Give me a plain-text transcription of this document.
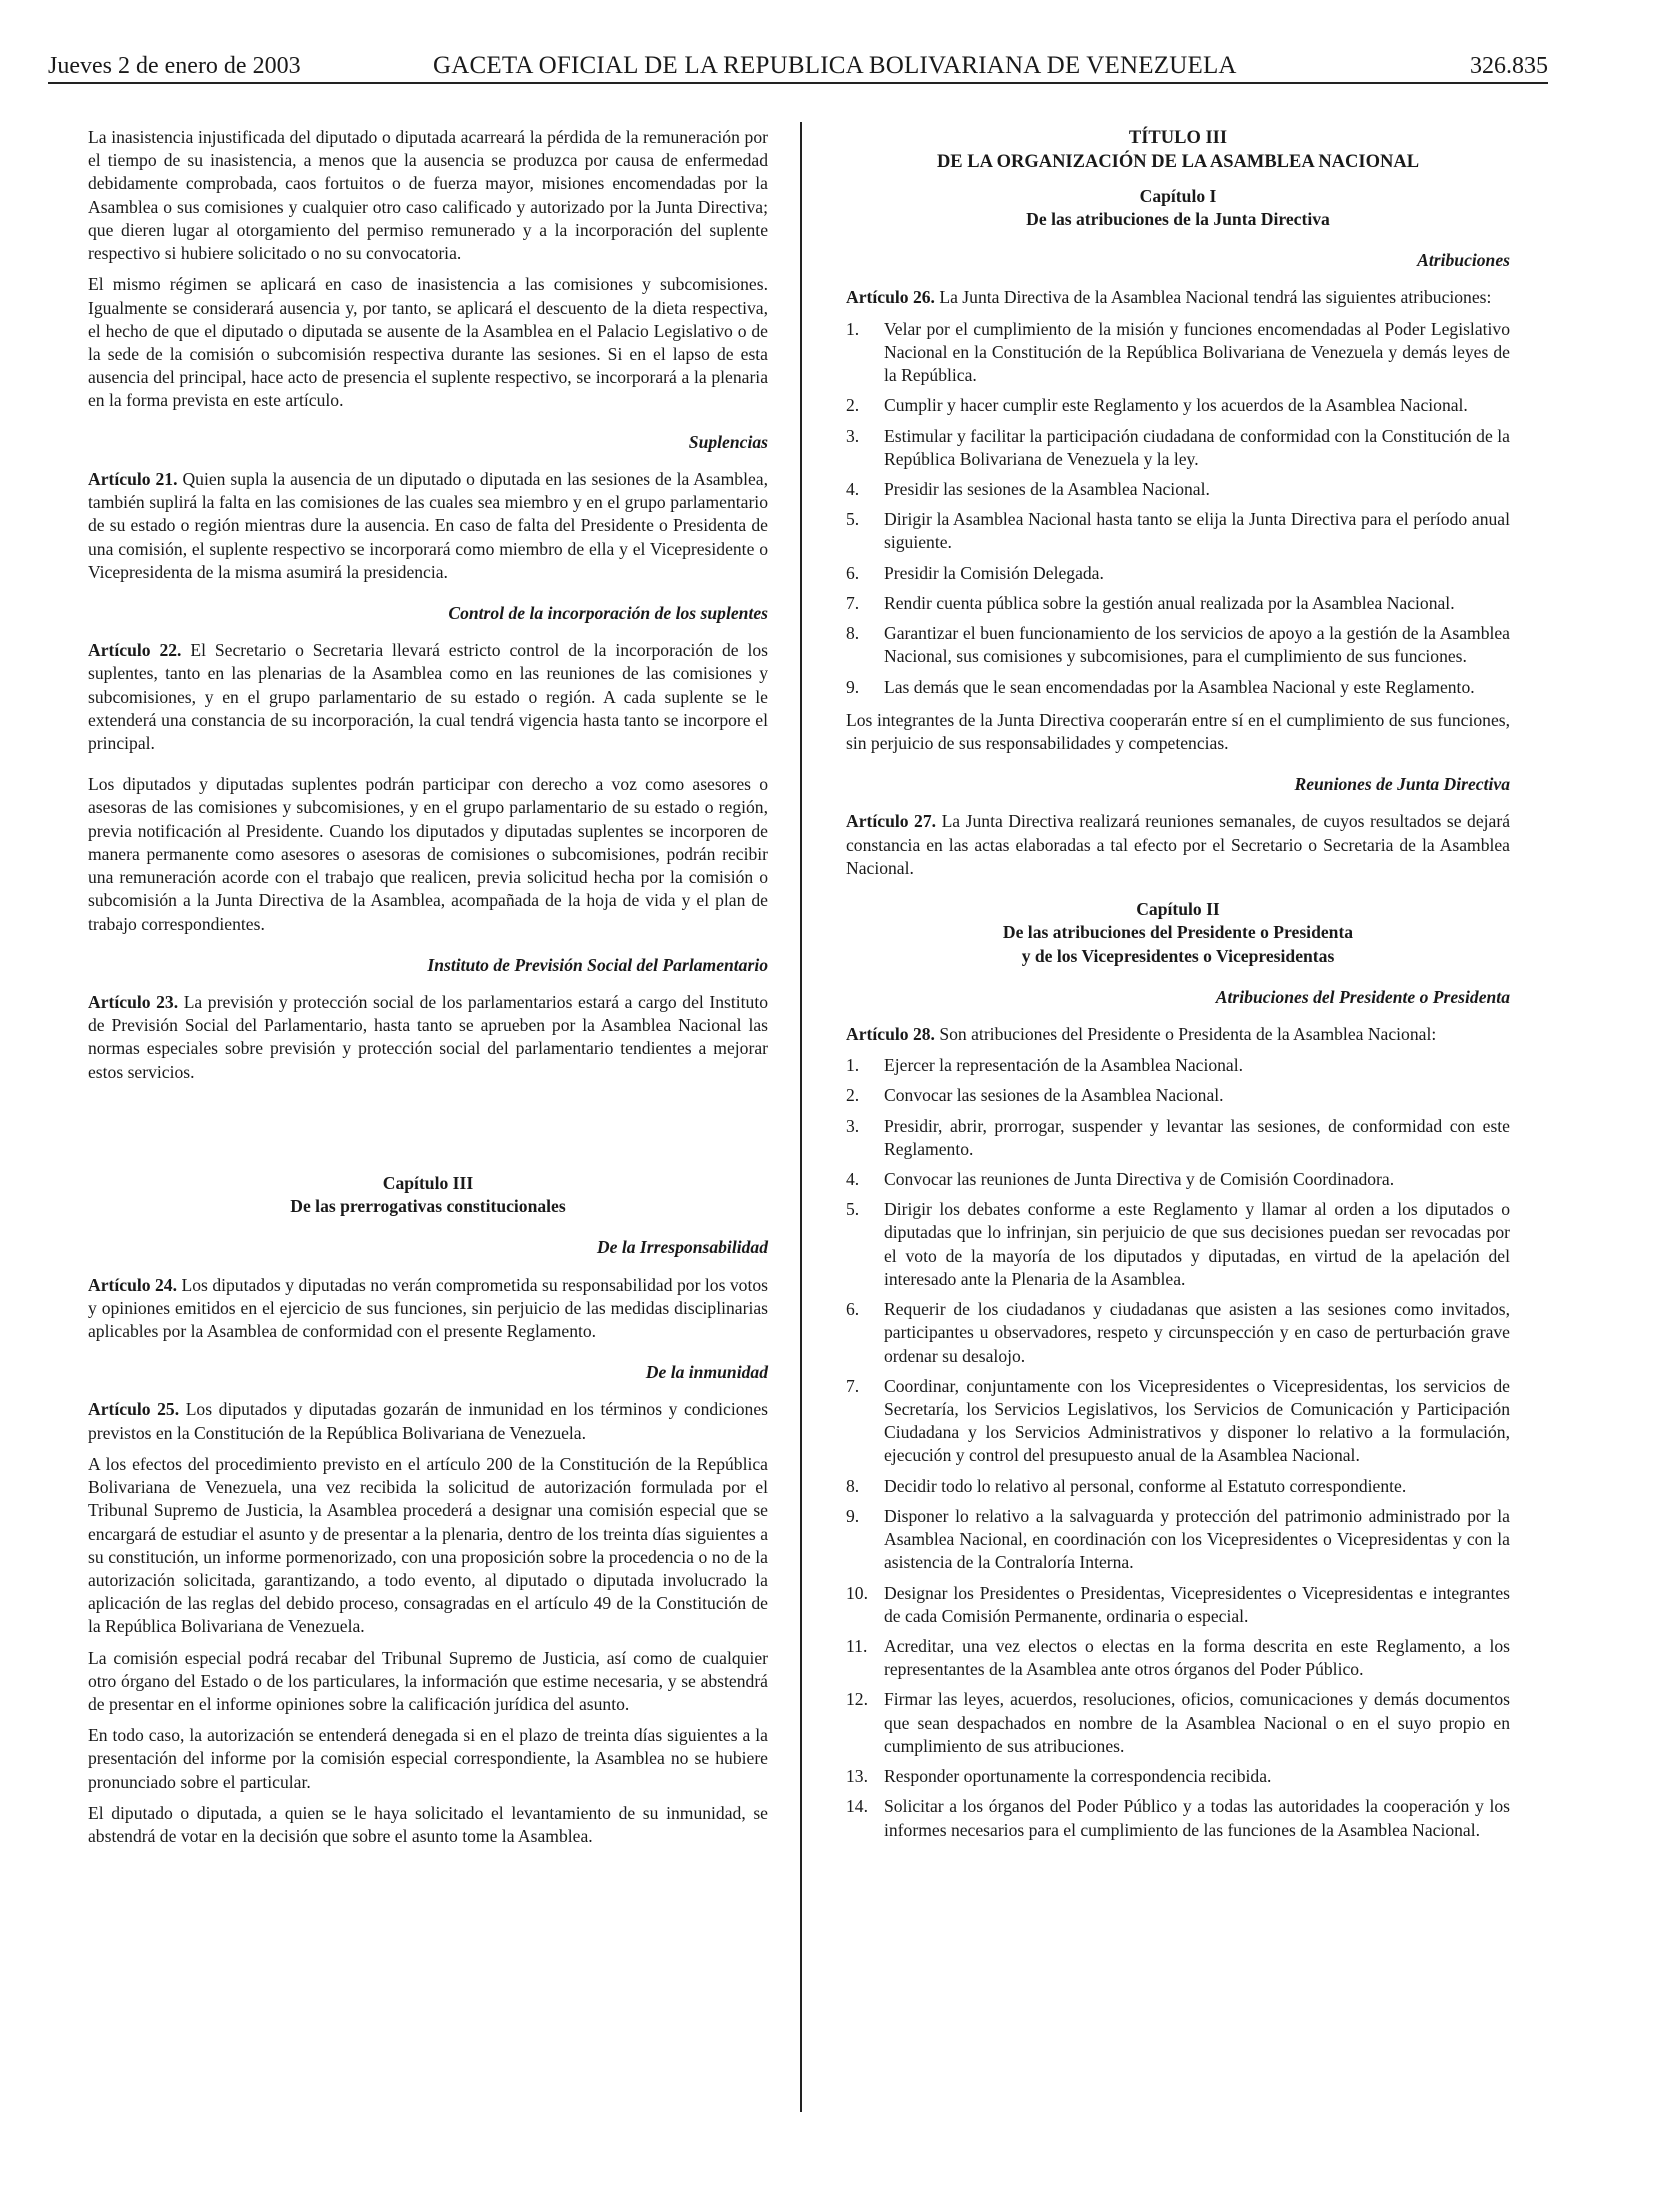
Jueves 2 de enero de 2003	GACETA OFICIAL DE LA REPUBLICA BOLIVARIANA DE VENEZUELA	326.835

La inasistencia injustificada del diputado o diputada acarreará la pérdida de la remuneración por el tiempo de su inasistencia, a menos que la ausencia se produzca por causa de enfermedad debidamente comprobada, caos fortuitos o de fuerza mayor, misiones encomendadas por la Asamblea o sus comisiones y cualquier otro caso calificado y autorizado por la Junta Directiva; que dieren lugar al otorgamiento del permiso remunerado y a la incorporación del suplente respectivo si hubiere solicitado o no su convocatoria.

El mismo régimen se aplicará en caso de inasistencia a las comisiones y subcomisiones. Igualmente se considerará ausencia y, por tanto, se aplicará el descuento de la dieta respectiva, el hecho de que el diputado o diputada se ausente de la Asamblea en el Palacio Legislativo o de la sede de la comisión o subcomisión respectiva durante las sesiones. Si en el lapso de esta ausencia del principal, hace acto de presencia el suplente respectivo, se incorporará a la plenaria en la forma prevista en este artículo.

Suplencias

Artículo 21. Quien supla la ausencia de un diputado o diputada en las sesiones de la Asamblea, también suplirá la falta en las comisiones de las cuales sea miembro y en el grupo parlamentario de su estado o región mientras dure la ausencia. En caso de falta del Presidente o Presidenta de una comisión, el suplente respectivo se incorporará como miembro de ella y el Vicepresidente o Vicepresidenta de la misma asumirá la presidencia.

Control de la incorporación de los suplentes

Artículo 22. El Secretario o Secretaria llevará estricto control de la incorporación de los suplentes, tanto en las plenarias de la Asamblea como en las reuniones de las comisiones y subcomisiones, y en el grupo parlamentario de su estado o región. A cada suplente se le extenderá una constancia de su incorporación, la cual tendrá vigencia hasta tanto se incorpore el principal.

Los diputados y diputadas suplentes podrán participar con derecho a voz como asesores o asesoras de las comisiones y subcomisiones, y en el grupo parlamentario de su estado o región, previa notificación al Presidente. Cuando los diputados y diputadas suplentes se incorporen de manera permanente como asesores o asesoras de comisiones o subcomisiones, podrán recibir una remuneración acorde con el trabajo que realicen, previa solicitud hecha por la comisión o subcomisión a la Junta Directiva de la Asamblea, acompañada de la hoja de vida y el plan de trabajo correspondientes.

Instituto de Previsión Social del Parlamentario

Artículo 23. La previsión y protección social de los parlamentarios estará a cargo del Instituto de Previsión Social del Parlamentario, hasta tanto se aprueben por la Asamblea Nacional las normas especiales sobre previsión y protección social del parlamentario tendientes a mejorar estos servicios.

Capítulo III
De las prerrogativas constitucionales
De la Irresponsabilidad

Artículo 24. Los diputados y diputadas no verán comprometida su responsabilidad por los votos y opiniones emitidos en el ejercicio de sus funciones, sin perjuicio de las medidas disciplinarias aplicables por la Asamblea de conformidad con el presente Reglamento.

De la inmunidad

Artículo 25. Los diputados y diputadas gozarán de inmunidad en los términos y condiciones previstos en la Constitución de la República Bolivariana de Venezuela.

A los efectos del procedimiento previsto en el artículo 200 de la Constitución de la República Bolivariana de Venezuela, una vez recibida la solicitud de autorización formulada por el Tribunal Supremo de Justicia, la Asamblea procederá a designar una comisión especial que se encargará de estudiar el asunto y de presentar a la plenaria, dentro de los treinta días siguientes a su constitución, un informe pormenorizado, con una proposición sobre la procedencia o no de la autorización solicitada, garantizando, a todo evento, al diputado o diputada involucrado la aplicación de las reglas del debido proceso, consagradas en el artículo 49 de la Constitución de la República Bolivariana de Venezuela.

La comisión especial podrá recabar del Tribunal Supremo de Justicia, así como de cualquier otro órgano del Estado o de los particulares, la información que estime necesaria, y se abstendrá de presentar en el informe opiniones sobre la calificación jurídica del asunto.

En todo caso, la autorización se entenderá denegada si en el plazo de treinta días siguientes a la presentación del informe por la comisión especial correspondiente, la Asamblea no se hubiere pronunciado sobre el particular.

El diputado o diputada, a quien se le haya solicitado el levantamiento de su inmunidad, se abstendrá de votar en la decisión que sobre el asunto tome la Asamblea.

TÍTULO III
DE LA ORGANIZACIÓN DE LA ASAMBLEA NACIONAL
Capítulo I
De las atribuciones de la Junta Directiva
Atribuciones

Artículo 26. La Junta Directiva de la Asamblea Nacional tendrá las siguientes atribuciones:

1.	Velar por el cumplimiento de la misión y funciones encomendadas al Poder Legislativo Nacional en la Constitución de la República Bolivariana de Venezuela y demás leyes de la República.
2.	Cumplir y hacer cumplir este Reglamento y los acuerdos de la Asamblea Nacional.
3.	Estimular y facilitar la participación ciudadana de conformidad con la Constitución de la República Bolivariana de Venezuela y la ley.
4.	Presidir las sesiones de la Asamblea Nacional.
5.	Dirigir la Asamblea Nacional hasta tanto se elija la Junta Directiva para el período anual siguiente.
6.	Presidir la Comisión Delegada.
7.	Rendir cuenta pública sobre la gestión anual realizada por la Asamblea Nacional.
8.	Garantizar el buen funcionamiento de los servicios de apoyo a la gestión de la Asamblea Nacional, sus comisiones y subcomisiones, para el cumplimiento de sus funciones.
9.	Las demás que le sean encomendadas por la Asamblea Nacional y este Reglamento.

Los integrantes de la Junta Directiva cooperarán entre sí en el cumplimiento de sus funciones, sin perjuicio de sus responsabilidades y competencias.

Reuniones de Junta Directiva

Artículo 27. La Junta Directiva realizará reuniones semanales, de cuyos resultados se dejará constancia en las actas elaboradas a tal efecto por el Secretario o Secretaria de la Asamblea Nacional.

Capítulo II
De las atribuciones del Presidente o Presidenta
y de los Vicepresidentes o Vicepresidentas
Atribuciones del Presidente o Presidenta

Artículo 28. Son atribuciones del Presidente o Presidenta de la Asamblea Nacional:

1.	Ejercer la representación de la Asamblea Nacional.
2.	Convocar las sesiones de la Asamblea Nacional.
3.	Presidir, abrir, prorrogar, suspender y levantar las sesiones, de conformidad con este Reglamento.
4.	Convocar las reuniones de Junta Directiva y de Comisión Coordinadora.
5.	Dirigir los debates conforme a este Reglamento y llamar al orden a los diputados o diputadas que lo infrinjan, sin perjuicio de que sus decisiones puedan ser revocadas por el voto de la mayoría de los diputados y diputadas, en virtud de la apelación del interesado ante la Plenaria de la Asamblea.
6.	Requerir de los ciudadanos y ciudadanas que asisten a las sesiones como invitados, participantes u observadores, respeto y circunspección y en caso de perturbación grave ordenar su desalojo.
7.	Coordinar, conjuntamente con los Vicepresidentes o Vicepresidentas, los servicios de Secretaría, los Servicios Legislativos, los Servicios de Comunicación y Participación Ciudadana y los Servicios Administrativos y disponer lo relativo a la formulación, ejecución y control del presupuesto anual de la Asamblea Nacional.
8.	Decidir todo lo relativo al personal, conforme al Estatuto correspondiente.
9.	Disponer lo relativo a la salvaguarda y protección del patrimonio administrado por la Asamblea Nacional, en coordinación con los Vicepresidentes o Vicepresidentas y con la asistencia de la Contraloría Interna.
10. Designar los Presidentes o Presidentas, Vicepresidentes o Vicepresidentas e integrantes de cada Comisión Permanente, ordinaria o especial.
11. Acreditar, una vez electos o electas en la forma descrita en este Reglamento, a los representantes de la Asamblea ante otros órganos del Poder Público.
12. Firmar las leyes, acuerdos, resoluciones, oficios, comunicaciones y demás documentos que sean despachados en nombre de la Asamblea Nacional o en el suyo propio en cumplimiento de sus atribuciones.
13. Responder oportunamente la correspondencia recibida.
14. Solicitar a los órganos del Poder Público y a todas las autoridades la cooperación y los informes necesarios para el cumplimiento de las funciones de la Asamblea Nacional.
